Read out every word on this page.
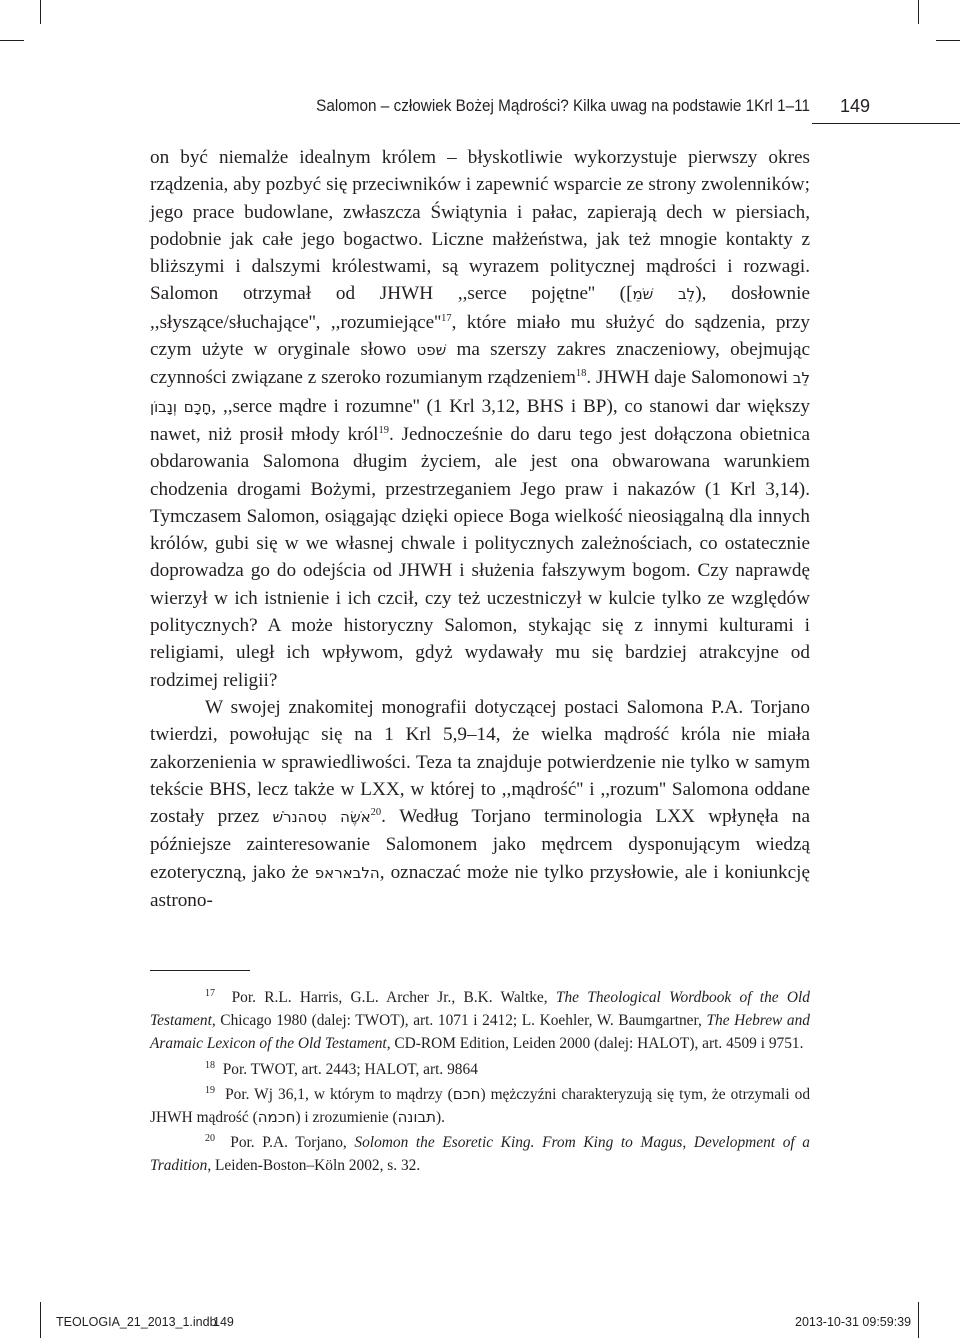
Salomon – człowiek Bożej Mądrości? Kilka uwag na podstawie 1Krl 1–11 149

on być niemalże idealnym królem – błyskotliwie wykorzystuje pierwszy okres rządzenia, aby pozbyć się przeciwników i zapewnić wsparcie ze strony zwolenników; jego prace budowlane, zwłaszcza Świątynia i pałac, zapierają dech w piersiach, podobnie jak całe jego bogactwo. Liczne małżeństwa, jak też mnogie kontakty z bliższymi i dalszymi królestwami, są wyrazem politycznej mądrości i rozwagi. Salomon otrzymał od JHWH ,,serce pojętne'' ([לֵב שֹׁמֵ), dosłownie ,,słyszące/słuchające'', $,,rozumiejące''^{17}$, które miało mu służyć do sądzenia, przy czym użyte w oryginale słowo שׁפט ma szerszy zakres znaczeniowy, obejmując czynności związane z szeroko rozumianym rządzeniem$^{18}$. JHWH daje Salomonowi לֵב חָכָם וְנָבוֹן, ,,serce mądre i rozumne'' (1 Krl 3,12, BHS i BP), co stanowi dar większy nawet, niż prosił młody król$^{19}$. Jednocześnie do daru tego jest dołączona obietnica obdarowania Salomona długim życiem, ale jest ona obwarowana warunkiem chodzenia drogami Bożymi, przestrzeganiem Jego praw i nakazów (1 Krl 3,14). Tymczasem Salomon, osiągając dzięki opiece Boga wielkość nieosiągalną dla innych królów, gubi się w we własnej chwale i politycznych zależnościach, co ostatecznie doprowadza go do odejścia od JHWH i służenia fałszywym bogom. Czy naprawdę wierzył w ich istnienie i ich czcił, czy też uczestniczył w kulcie tylko ze względów politycznych? A może historyczny Salomon, stykając się z innymi kulturami i religiami, uległ ich wpływom, gdyż wydawały mu się bardziej atrakcyjne od rodzimej religii?

W swojej znakomitej monografii dotyczącej postaci Salomona P.A. Torjano twierdzi, powołując się na 1 Krl 5,9–14, że wielka mądrość króla nie miała zakorzenienia w sprawiedliwości. Teza ta znajduje potwierdzenie nie tylko w samym tekście BHS, lecz także w LXX, w której to ,,mądrość'' i ,,rozum'' Salomona oddane zostały przez אֹשֶׂה טִסהנרֹשׁ$^{20}$. Według Torjano terminologia LXX wpłynęła na późniejsze zainteresowanie Salomonem jako mędrcem dysponującym wiedzą ezoteryczną, jako że הלבאראפ, oznaczać może nie tylko przysłowie, ale i koniunkcję astrono-

$^{17}$ Por. R.L. Harris, G.L. Archer Jr., B.K. Waltke, The Theological Wordbook of the Old Testament, Chicago 1980 (dalej: TWOT), art. 1071 i 2412; L. Koehler, W. Baumgartner, The Hebrew and Aramaic Lexicon of the Old Testament, CD-ROM Edition, Leiden 2000 (dalej: HALOT), art. 4509 i 9751.

$^{18}$ Por. TWOT, art. 2443; HALOT, art. 9864

$^{19}$ Por. Wj 36,1, w którym to mądrzy (חכם) mężczyźni charakteryzują się tym, że otrzymali od JHWH mądrość (חכמה) i zrozumienie (תבונה).

$^{20}$ Por. P.A. Torjano, Solomon the Esoretic King. From King to Magus, Development of a Tradition, Leiden-Boston–Köln 2002, s. 32.

TEOLOGIA_21_2013_1.indb
149	2013-10-31 09:59:39
